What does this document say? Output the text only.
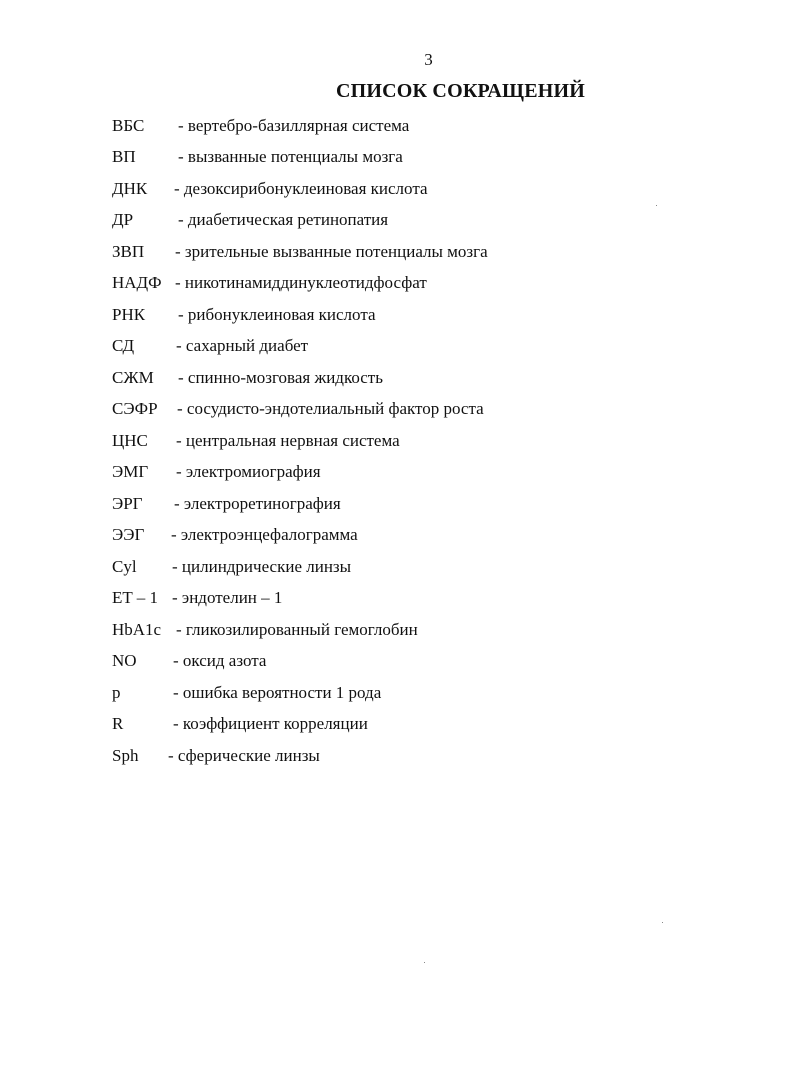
3
СПИСОК СОКРАЩЕНИЙ
ВБС	- вертебро-базиллярная система
ВП	- вызванные потенциалы мозга
ДНК	- дезоксирибонуклеиновая кислота
ДР	- диабетическая ретинопатия
ЗВП	- зрительные вызванные потенциалы мозга
НАДФ - никотинамиддинуклеотидфосфат
РНК	- рибонуклеиновая кислота
СД	- сахарный диабет
СЖМ	- спинно-мозговая жидкость
СЭФР	- сосудисто-эндотелиальный фактор роста
ЦНС	- центральная нервная система
ЭМГ	- электромиография
ЭРГ	- электроретинография
ЭЭГ	- электроэнцефалограмма
Cyl	- цилиндрические линзы
ET – 1 - эндотелин – 1
HbA1c - гликозилированный гемоглобин
NO	- оксид азота
p	- ошибка вероятности 1 рода
R	- коэффициент корреляции
Sph	- сферические линзы
